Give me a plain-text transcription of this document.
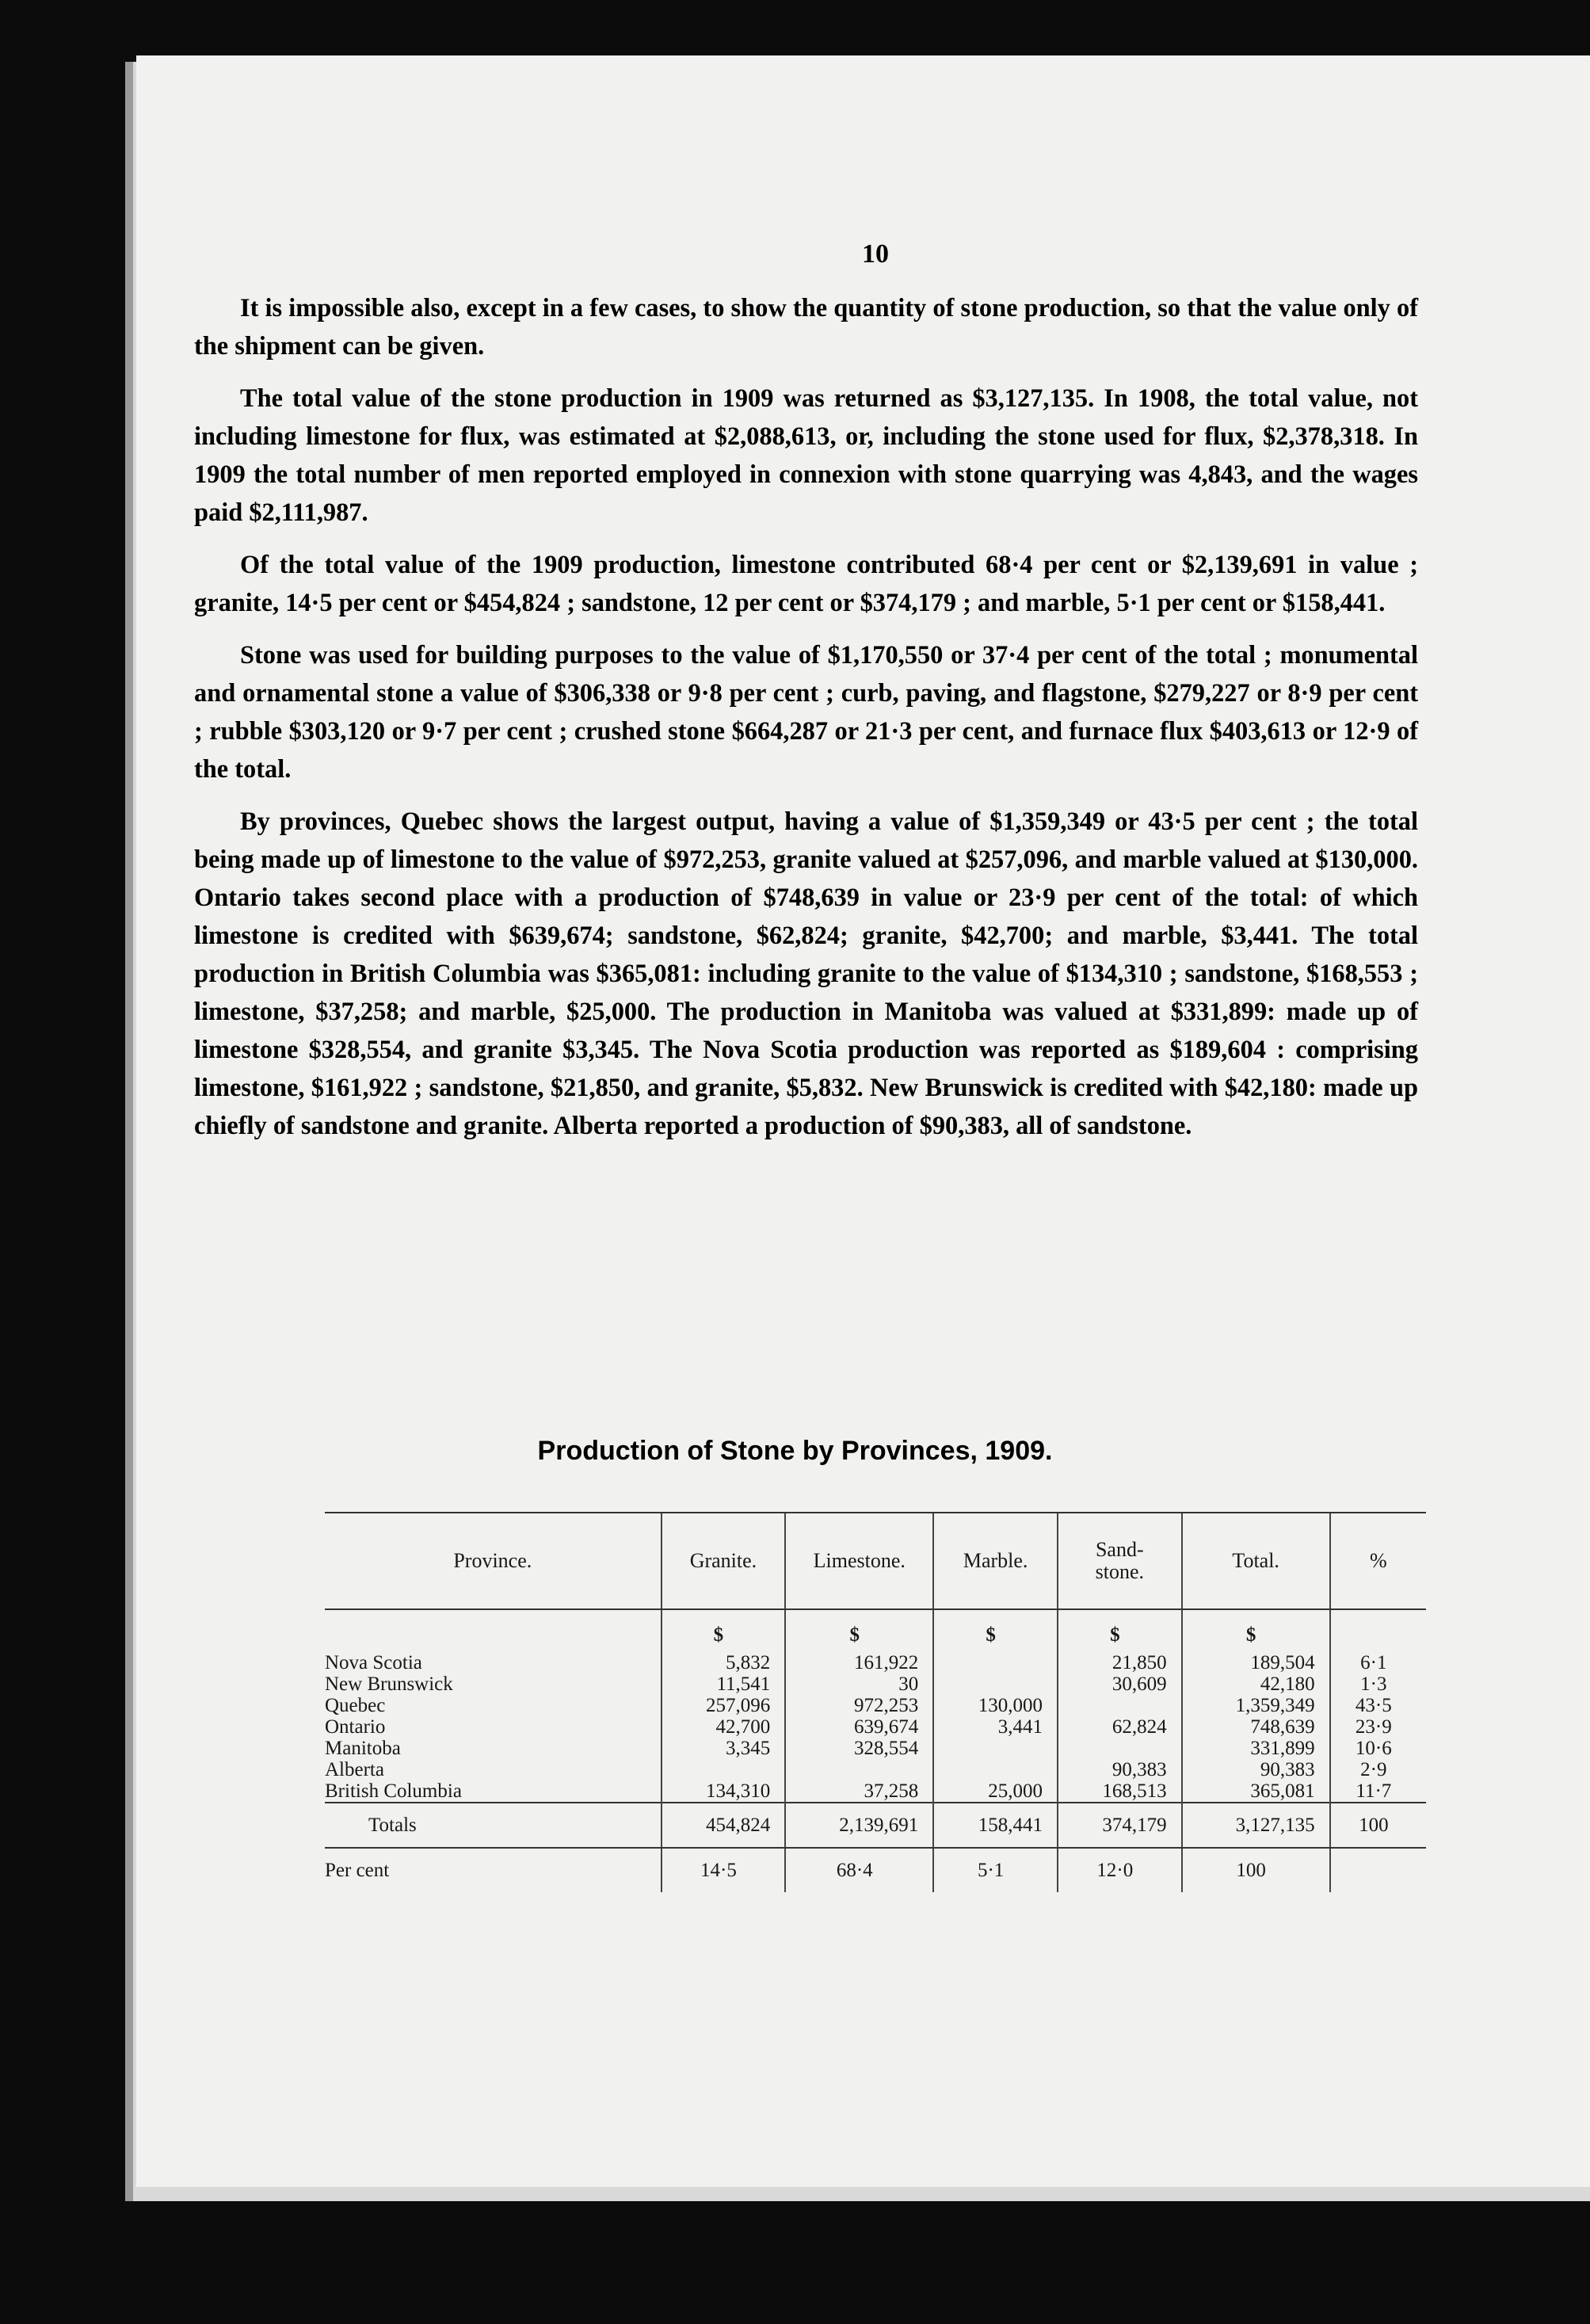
10

It is impossible also, except in a few cases, to show the quantity of stone production, so that the value only of the shipment can be given.

The total value of the stone production in 1909 was returned as $3,127,135. In 1908, the total value, not including limestone for flux, was estimated at $2,088,613, or, including the stone used for flux, $2,378,318. In 1909 the total number of men reported employed in connexion with stone quarrying was 4,843, and the wages paid $2,111,987.

Of the total value of the 1909 production, limestone contributed 68·4 per cent or $2,139,691 in value ; granite, 14·5 per cent or $454,824 ; sandstone, 12 per cent or $374,179 ; and marble, 5·1 per cent or $158,441.

Stone was used for building purposes to the value of $1,170,550 or 37·4 per cent of the total ; monumental and ornamental stone a value of $306,338 or 9·8 per cent ; curb, paving, and flagstone, $279,227 or 8·9 per cent ; rubble $303,120 or 9·7 per cent ; crushed stone $664,287 or 21·3 per cent, and furnace flux $403,613 or 12·9 of the total.

By provinces, Quebec shows the largest output, having a value of $1,359,349 or 43·5 per cent ; the total being made up of limestone to the value of $972,253, granite valued at $257,096, and marble valued at $130,000. Ontario takes second place with a production of $748,639 in value or 23·9 per cent of the total: of which limestone is credited with $639,674; sandstone, $62,824; granite, $42,700; and marble, $3,441. The total production in British Columbia was $365,081: including granite to the value of $134,310 ; sandstone, $168,553 ; limestone, $37,258; and marble, $25,000. The production in Manitoba was valued at $331,899: made up of limestone $328,554, and granite $3,345. The Nova Scotia production was reported as $189,604 : comprising limestone, $161,922 ; sandstone, $21,850, and granite, $5,832. New Brunswick is credited with $42,180: made up chiefly of sandstone and granite. Alberta reported a production of $90,383, all of sandstone.

Production of Stone by Provinces, 1909.
Province.	Granite.	Limestone.	Marble.	Sand-
stone.	Total.	%
	$	$	$	$	$	
Nova Scotia	5,832	161,922		21,850	189,504	6·1
New Brunswick	11,541	30		30,609	42,180	1·3
Quebec	257,096	972,253	130,000		1,359,349	43·5
Ontario	42,700	639,674	3,441	62,824	748,639	23·9
Manitoba	3,345	328,554			331,899	10·6
Alberta				90,383	90,383	2·9
British Columbia	134,310	37,258	25,000	168,513	365,081	11·7
Totals	454,824	2,139,691	158,441	374,179	3,127,135	100
Per cent	14·5	68·4	5·1	12·0	100	
